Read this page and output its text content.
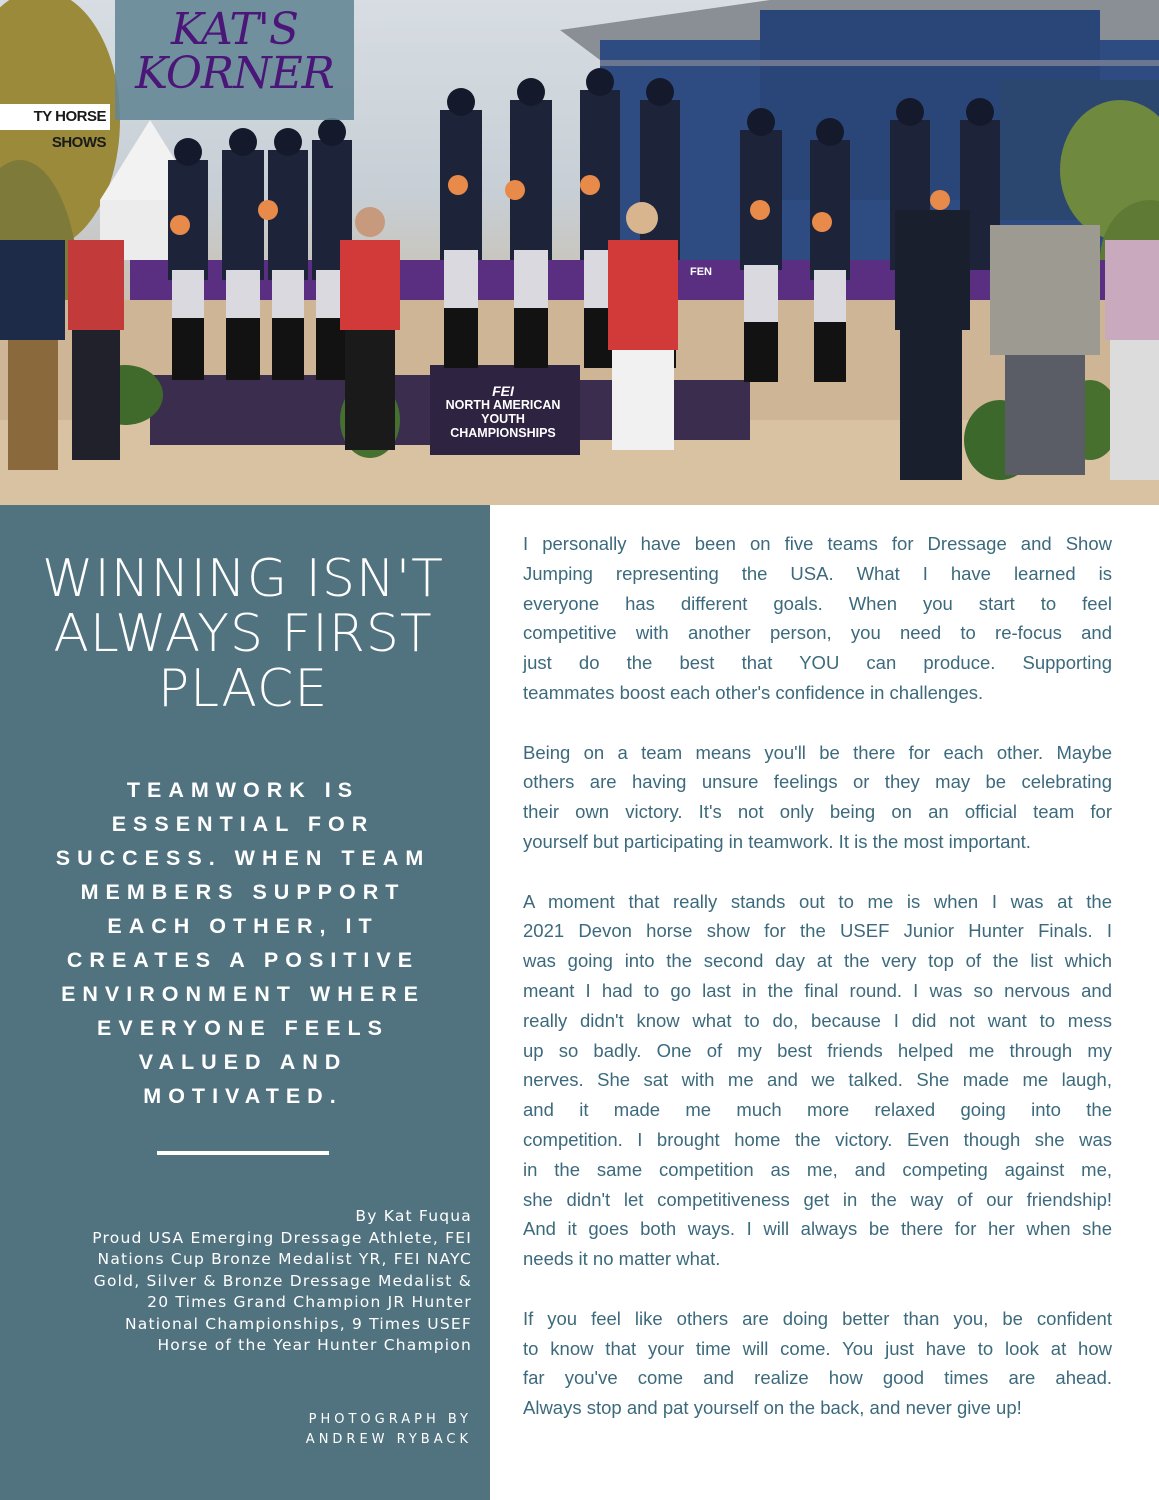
TY HORSE SHOWS
FEN
FEI
NORTH AMERICAN
YOUTH
CHAMPIONSHIPS
KAT'S
KORNER
WINNING ISN'T
ALWAYS FIRST
PLACE
TEAMWORK IS
ESSENTIAL FOR
SUCCESS. WHEN TEAM
MEMBERS SUPPORT
EACH OTHER, IT
CREATES A POSITIVE
ENVIRONMENT WHERE
EVERYONE FEELS
VALUED AND
MOTIVATED.
By Kat Fuqua
Proud USA Emerging Dressage Athlete, FEI
Nations Cup Bronze Medalist YR, FEI NAYC
Gold, Silver & Bronze Dressage Medalist &
20 Times Grand Champion JR Hunter
National Championships, 9 Times USEF
Horse of the Year Hunter Champion
PHOTOGRAPH BY
ANDREW RYBACK

I personally have been on five teams for Dressage and Show
Jumping representing the USA. What I have learned is
everyone has different goals. When you start to feel
competitive with another person, you need to re-focus and
just do the best that YOU can produce. Supporting
teammates boost each other's confidence in challenges.

Being on a team means you'll be there for each other. Maybe
others are having unsure feelings or they may be celebrating
their own victory. It's not only being on an official team for
yourself but participating in teamwork. It is the most important.

A moment that really stands out to me is when I was at the
2021 Devon horse show for the USEF Junior Hunter Finals. I
was going into the second day at the very top of the list which
meant I had to go last in the final round. I was so nervous and
really didn't know what to do, because I did not want to mess
up so badly. One of my best friends helped me through my
nerves. She sat with me and we talked. She made me laugh,
and it made me much more relaxed going into the
competition. I brought home the victory. Even though she was
in the same competition as me, and competing against me,
she didn't let competitiveness get in the way of our friendship!
And it goes both ways. I will always be there for her when she
needs it no matter what.

If you feel like others are doing better than you, be confident
to know that your time will come. You just have to look at how
far you've come and realize how good times are ahead.
Always stop and pat yourself on the back, and never give up!
